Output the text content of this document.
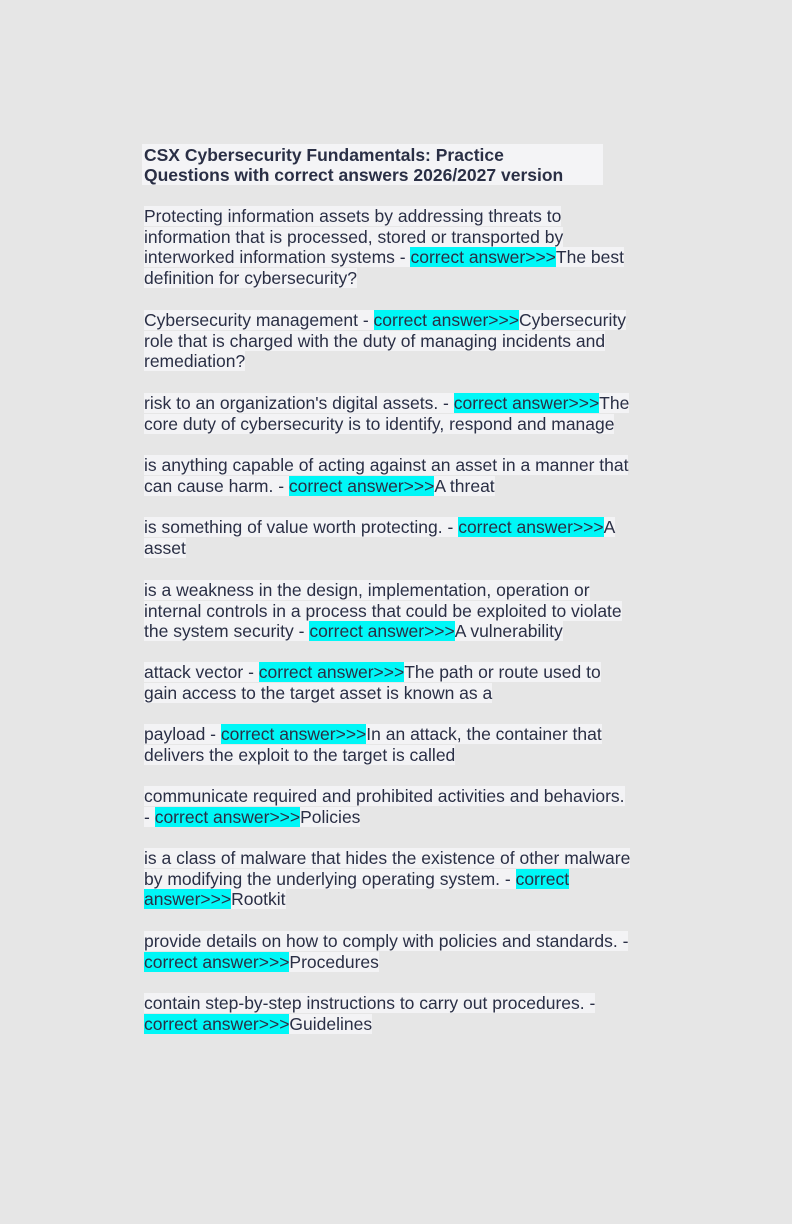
CSX Cybersecurity Fundamentals: Practice
Questions with correct answers 2026/2027 version
Protecting information assets by addressing threats to
information that is processed, stored or transported by
interworked information systems - correct answer>>>The best
definition for cybersecurity?
Cybersecurity management - correct answer>>>Cybersecurity
role that is charged with the duty of managing incidents and
remediation?
risk to an organization's digital assets. - correct answer>>>The
core duty of cybersecurity is to identify, respond and manage
is anything capable of acting against an asset in a manner that
can cause harm. - correct answer>>>A threat
is something of value worth protecting. - correct answer>>>A
asset
is a weakness in the design, implementation, operation or
internal controls in a process that could be exploited to violate
the system security - correct answer>>>A vulnerability
attack vector - correct answer>>>The path or route used to
gain access to the target asset is known as a
payload - correct answer>>>In an attack, the container that
delivers the exploit to the target is called
communicate required and prohibited activities and behaviors.
- correct answer>>>Policies
is a class of malware that hides the existence of other malware
by modifying the underlying operating system. - correct
answer>>>Rootkit
provide details on how to comply with policies and standards. -
correct answer>>>Procedures
contain step-by-step instructions to carry out procedures. -
correct answer>>>Guidelines
